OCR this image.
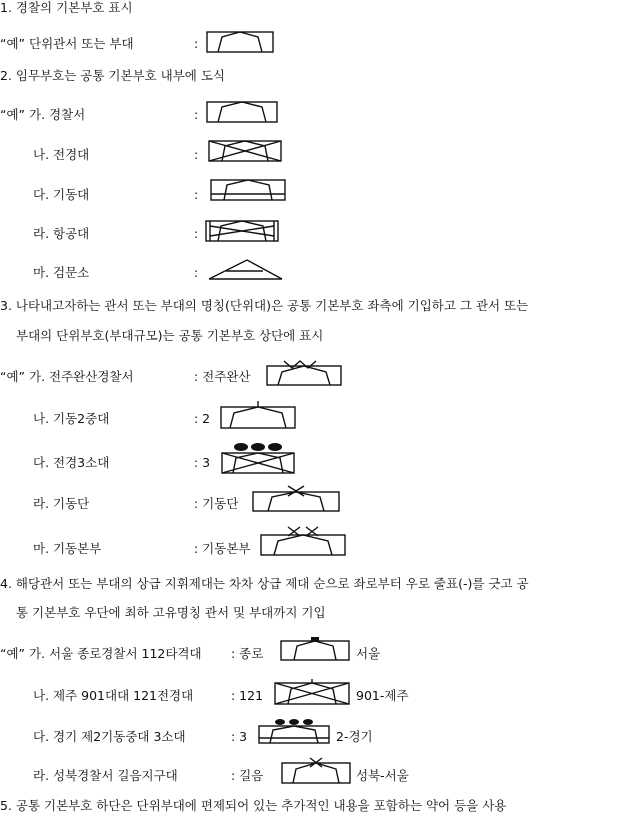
1. 경찰의 기본부호 표시
“예” 단위관서 또는 부대	:
2. 임무부호는 공통 기본부호 내부에 도식
“예” 가. 경찰서	:
나. 전경대	:
다. 기동대	:
라. 항공대	:
마. 검문소	:
3. 나타내고자하는 관서 또는 부대의 명칭(단위대)은 공통 기본부호 좌측에 기입하고 그 관서 또는
부대의 단위부호(부대규모)는 공통 기본부호 상단에 표시
“예” 가. 전주완산경찰서	: 전주완산
나. 기동2중대	: 2
다. 전경3소대	: 3
라. 기동단	: 기동단
마. 기동본부	: 기동본부
4. 해당관서 또는 부대의 상급 지휘제대는 차차 상급 제대 순으로 좌로부터 우로 줄표(-)를 긋고 공
통 기본부호 우단에 최하 고유명칭 관서 및 부대까지 기입
“예” 가. 서울 종로경찰서 112타격대 : 종로	서울
나. 제주 901대대 121전경대	: 121	901-제주
다. 경기 제2기동중대 3소대	: 3	2-경기
라. 성북경찰서 길음지구대	: 길음	성북-서울
5. 공통 기본부호 하단은 단위부대에 편제되어 있는 추가적인 내용을 포함하는 약어 등을 사용
